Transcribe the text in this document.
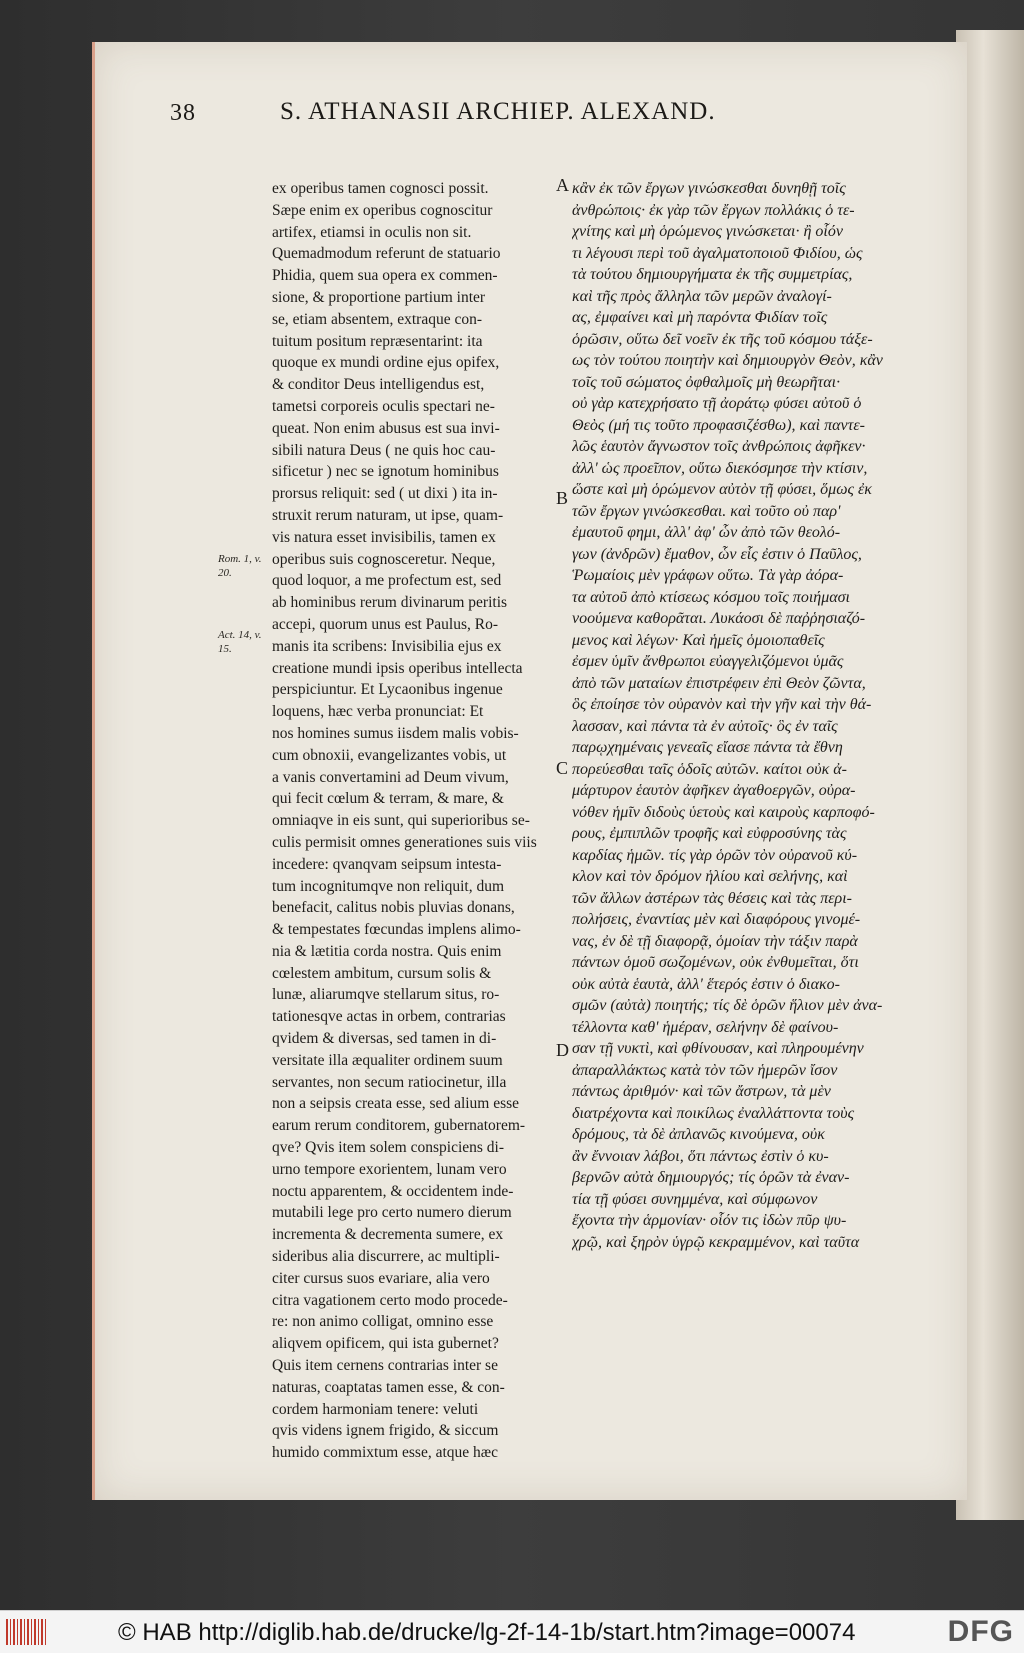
38	S. ATHANASII ARCHIEP. ALEXAND.
A
B
C
D
Rom. 1, v. 20.
Act. 14, v. 15.
ex operibus tamen cognosci possit.
Sæpe enim ex operibus cognoscitur
artifex, etiamsi in oculis non sit.
Quemadmodum referunt de statuario
Phidia, quem sua opera ex commen-
sione, & proportione partium inter
se, etiam absentem, extraque con-
tuitum positum repræsentarint: ita
quoque ex mundi ordine ejus opifex,
& conditor Deus intelligendus est,
tametsi corporeis oculis spectari ne-
queat. Non enim abusus est sua invi-
sibili natura Deus ( ne quis hoc cau-
sificetur ) nec se ignotum hominibus
prorsus reliquit: sed ( ut dixi ) ita in-
struxit rerum naturam, ut ipse, quam-
vis natura esset invisibilis, tamen ex
operibus suis cognosceretur. Neque,
quod loquor, a me profectum est, sed
ab hominibus rerum divinarum peritis
accepi, quorum unus est Paulus, Ro-
manis ita scribens: Invisibilia ejus ex
creatione mundi ipsis operibus intellecta
perspiciuntur. Et Lycaonibus ingenue
loquens, hæc verba pronunciat: Et
nos homines sumus iisdem malis vobis-
cum obnoxii, evangelizantes vobis, ut
a vanis convertamini ad Deum vivum,
qui fecit cœlum & terram, & mare, &
omniaqve in eis sunt, qui superioribus se-
culis permisit omnes generationes suis viis
incedere: qvanqvam seipsum intesta-
tum incognitumqve non reliquit, dum
benefacit, calitus nobis pluvias donans,
& tempestates fœcundas implens alimo-
nia & lætitia corda nostra. Quis enim
cœlestem ambitum, cursum solis &
lunæ, aliarumqve stellarum situs, ro-
tationesqve actas in orbem, contrarias
qvidem & diversas, sed tamen in di-
versitate illa æqualiter ordinem suum
servantes, non secum ratiocinetur, illa
non a seipsis creata esse, sed alium esse
earum rerum conditorem, gubernatorem-
qve? Qvis item solem conspiciens di-
urno tempore exorientem, lunam vero
noctu apparentem, & occidentem inde-
mutabili lege pro certo numero dierum
incrementa & decrementa sumere, ex
sideribus alia discurrere, ac multipli-
citer cursus suos evariare, alia vero
citra vagationem certo modo procede-
re: non animo colligat, omnino esse
aliqvem opificem, qui ista gubernet?
Quis item cernens contrarias inter se
naturas, coaptatas tamen esse, & con-
cordem harmoniam tenere: veluti
qvis videns ignem frigido, & siccum
humido commixtum esse, atque hæc
κἂν ἐκ τῶν ἔργων γινώσκεσθαι δυνηθῇ τοῖς
ἀνθρώποις· ἐκ γὰρ τῶν ἔργων πολλάκις ὁ τε-
χνίτης καὶ μὴ ὁρώμενος γινώσκεται· ἢ οἷόν
τι λέγουσι περὶ τοῦ ἀγαλματοποιοῦ Φιδίου, ὡς
τὰ τούτου δημιουργήματα ἐκ τῆς συμμετρίας,
καὶ τῆς πρὸς ἄλληλα τῶν μερῶν ἀναλογί-
ας, ἐμφαίνει καὶ μὴ παρόντα Φιδίαν τοῖς
ὁρῶσιν, οὕτω δεῖ νοεῖν ἐκ τῆς τοῦ κόσμου τάξε-
ως τὸν τούτου ποιητὴν καὶ δημιουργὸν Θεὸν, κἂν
τοῖς τοῦ σώματος ὀφθαλμοῖς μὴ θεωρῆται·
οὐ γὰρ κατεχρήσατο τῇ ἀοράτῳ φύσει αὐτοῦ ὁ
Θεὸς (μή τις τοῦτο προφασιζέσθω), καὶ παντε-
λῶς ἑαυτὸν ἄγνωστον τοῖς ἀνθρώποις ἀφῆκεν·
ἀλλ' ὡς προεῖπον, οὕτω διεκόσμησε τὴν κτίσιν,
ὥστε καὶ μὴ ὁρώμενον αὐτὸν τῇ φύσει, ὅμως ἐκ
τῶν ἔργων γινώσκεσθαι. καὶ τοῦτο οὐ παρ'
ἐμαυτοῦ φημι, ἀλλ' ἀφ' ὧν ἀπὸ τῶν θεολό-
γων (ἀνδρῶν) ἔμαθον, ὧν εἷς ἐστιν ὁ Παῦλος,
Ῥωμαίοις μὲν γράφων οὕτω. Τὰ γὰρ ἀόρα-
τα αὐτοῦ ἀπὸ κτίσεως κόσμου τοῖς ποιήμασι
νοούμενα καθορᾶται. Λυκάοσι δὲ παῤῥησιαζό-
μενος καὶ λέγων· Καὶ ἡμεῖς ὁμοιοπαθεῖς
ἐσμεν ὑμῖν ἄνθρωποι εὐαγγελιζόμενοι ὑμᾶς
ἀπὸ τῶν ματαίων ἐπιστρέφειν ἐπὶ Θεὸν ζῶντα,
ὃς ἐποίησε τὸν οὐρανὸν καὶ τὴν γῆν καὶ τὴν θά-
λασσαν, καὶ πάντα τὰ ἐν αὐτοῖς· ὃς ἐν ταῖς
παρῳχημέναις γενεαῖς εἴασε πάντα τὰ ἔθνη
πορεύεσθαι ταῖς ὁδοῖς αὐτῶν. καίτοι οὐκ ἀ-
μάρτυρον ἑαυτὸν ἀφῆκεν ἀγαθοεργῶν, οὐρα-
νόθεν ἡμῖν διδοὺς ὑετοὺς καὶ καιροὺς καρποφό-
ρους, ἐμπιπλῶν τροφῆς καὶ εὐφροσύνης τὰς
καρδίας ἡμῶν. τίς γὰρ ὁρῶν τὸν οὐρανοῦ κύ-
κλον καὶ τὸν δρόμον ἡλίου καὶ σελήνης, καὶ
τῶν ἄλλων ἀστέρων τὰς θέσεις καὶ τὰς περι-
πολήσεις, ἐναντίας μὲν καὶ διαφόρους γινομέ-
νας, ἐν δὲ τῇ διαφορᾷ, ὁμοίαν τὴν τάξιν παρὰ
πάντων ὁμοῦ σωζομένων, οὐκ ἐνθυμεῖται, ὅτι
οὐκ αὐτὰ ἑαυτὰ, ἀλλ' ἕτερός ἐστιν ὁ διακο-
σμῶν (αὐτὰ) ποιητής; τίς δὲ ὁρῶν ἥλιον μὲν ἀνα-
τέλλοντα καθ' ἡμέραν, σελήνην δὲ φαίνου-
σαν τῇ νυκτὶ, καὶ φθίνουσαν, καὶ πληρουμένην
ἀπαραλλάκτως κατὰ τὸν τῶν ἡμερῶν ἴσον
πάντως ἀριθμόν· καὶ τῶν ἄστρων, τὰ μὲν
διατρέχοντα καὶ ποικίλως ἐναλλάττοντα τοὺς
δρόμους, τὰ δὲ ἀπλανῶς κινούμενα, οὐκ
ἂν ἔννοιαν λάβοι, ὅτι πάντως ἐστὶν ὁ κυ-
βερνῶν αὐτὰ δημιουργός; τίς ὁρῶν τὰ ἐναν-
τία τῇ φύσει συνημμένα, καὶ σύμφωνον
ἔχοντα τὴν ἁρμονίαν· οἷόν τις ἰδὼν πῦρ ψυ-
χρῷ, καὶ ξηρὸν ὑγρῷ κεκραμμένον, καὶ ταῦτα
© HAB http://diglib.hab.de/drucke/lg-2f-14-1b/start.htm?image=00074	DFG
